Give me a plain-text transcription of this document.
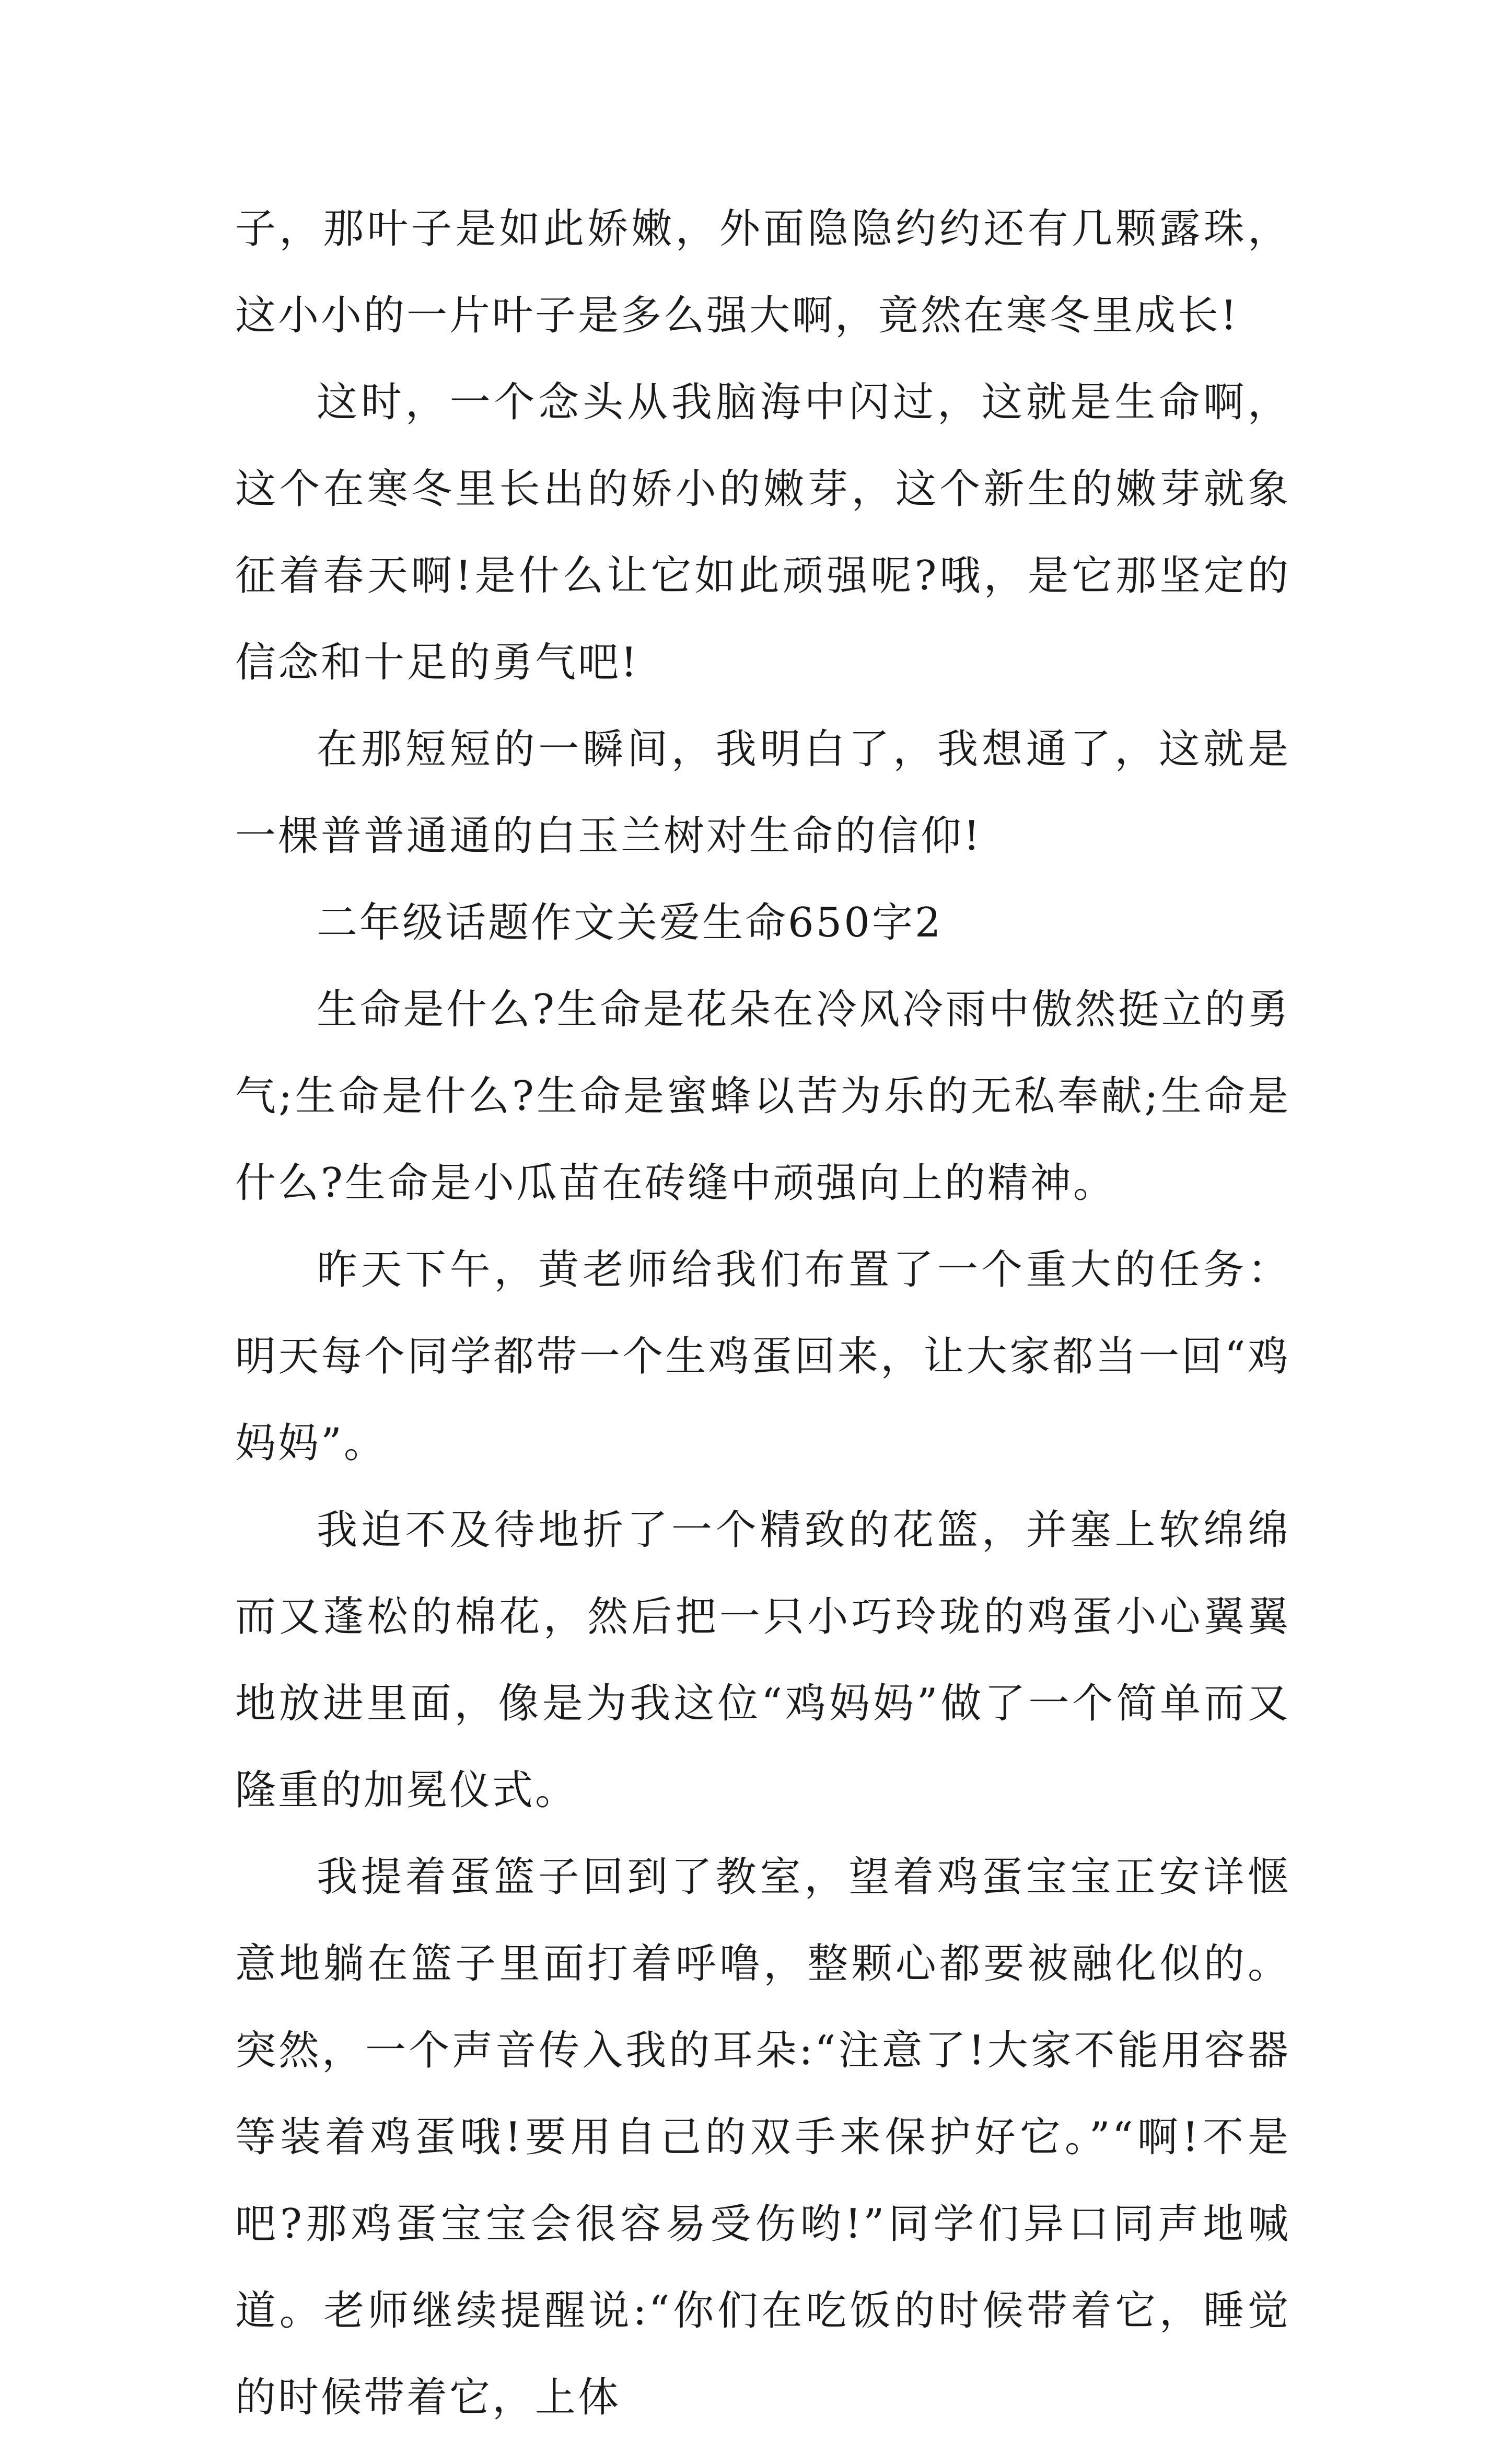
子，那叶子是如此娇嫩，外面隐隐约约还有几颗露珠，这小小的一片叶子是多么强大啊，竟然在寒冬里成长!

这时，一个念头从我脑海中闪过，这就是生命啊，这个在寒冬里长出的娇小的嫩芽，这个新生的嫩芽就象征着春天啊!是什么让它如此顽强呢?哦，是它那坚定的信念和十足的勇气吧!

在那短短的一瞬间，我明白了，我想通了，这就是一棵普普通通的白玉兰树对生命的信仰!

二年级话题作文关爱生命650字2

生命是什么?生命是花朵在冷风冷雨中傲然挺立的勇气;生命是什么?生命是蜜蜂以苦为乐的无私奉献;生命是什么?生命是小瓜苗在砖缝中顽强向上的精神。

昨天下午，黄老师给我们布置了一个重大的任务：明天每个同学都带一个生鸡蛋回来，让大家都当一回“鸡妈妈”。

我迫不及待地折了一个精致的花篮，并塞上软绵绵而又蓬松的棉花，然后把一只小巧玲珑的鸡蛋小心翼翼地放进里面，像是为我这位“鸡妈妈”做了一个简单而又隆重的加冕仪式。

我提着蛋篮子回到了教室，望着鸡蛋宝宝正安详惬意地躺在篮子里面打着呼噜，整颗心都要被融化似的。突然，一个声音传入我的耳朵:“注意了!大家不能用容器等装着鸡蛋哦!要用自己的双手来保护好它。”“啊!不是吧?那鸡蛋宝宝会很容易受伤哟!”同学们异口同声地喊道。老师继续提醒说:“你们在吃饭的时候带着它，睡觉的时候带着它，上体
